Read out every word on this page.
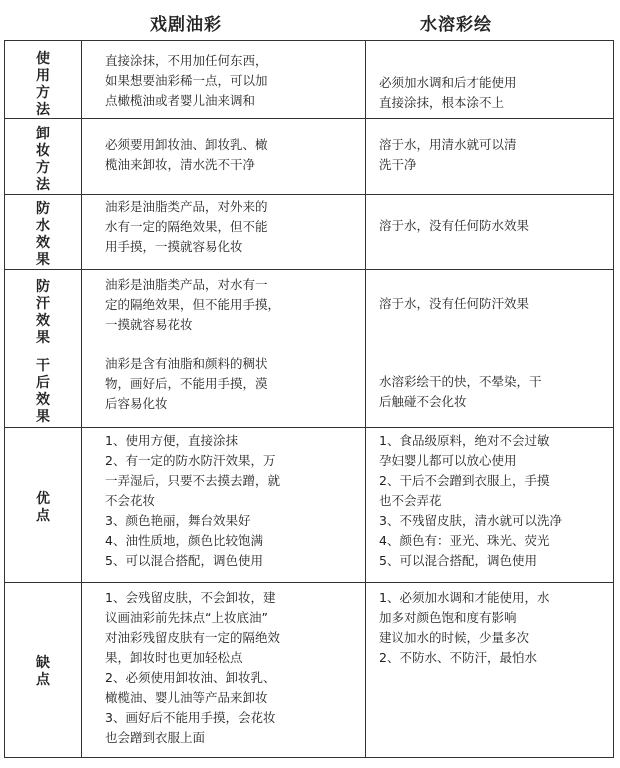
戏剧油彩	水溶彩绘
使 用 方 法
直接涂抹，不用加任何东西，
如果想要油彩稀一点，可以加
点橄榄油或者婴儿油来调和
必须加水调和后才能使用
直接涂抹，根本涂不上
卸 妆 方 法
必须要用卸妆油、卸妆乳、橄
榄油来卸妆，清水洗不干净
溶于水，用清水就可以清
洗干净
防 水 效 果
油彩是油脂类产品，对外来的
水有一定的隔绝效果，但不能
用手摸，一摸就容易化妆
溶于水，没有任何防水效果
防 汗 效 果
油彩是油脂类产品，对水有一
定的隔绝效果，但不能用手摸，
一摸就容易花妆
溶于水，没有任何防汗效果
干 后 效 果
油彩是含有油脂和颜料的稠状
物，画好后，不能用手摸，漠
后容易化妆
水溶彩绘干的快，不晕染，干
后触碰不会化妆
优 点
1、使用方便，直接涂抹
2、有一定的防水防汗效果，万
一弄湿后，只要不去摸去蹭，就
不会花妆
3、颜色艳丽，舞台效果好
4、油性质地，颜色比较饱满
5、可以混合搭配，调色使用
1、食品级原料，绝对不会过敏
孕妇婴儿都可以放心使用
2、干后不会蹭到衣服上，手摸
也不会弄花
3、不残留皮肤，清水就可以洗净
4、颜色有：亚光、珠光、荧光
5、可以混合搭配，调色使用
缺 点
1、会残留皮肤，不会卸妆，建
议画油彩前先抹点“上妆底油”
对油彩残留皮肤有一定的隔绝效
果，卸妆时也更加轻松点
2、必须使用卸妆油、卸妆乳、
橄榄油、婴儿油等产品来卸妆
3、画好后不能用手摸，会花妆
也会蹭到衣服上面
1、必须加水调和才能使用，水
加多对颜色饱和度有影响
建议加水的时候，少量多次
2、不防水、不防汗，最怕水
